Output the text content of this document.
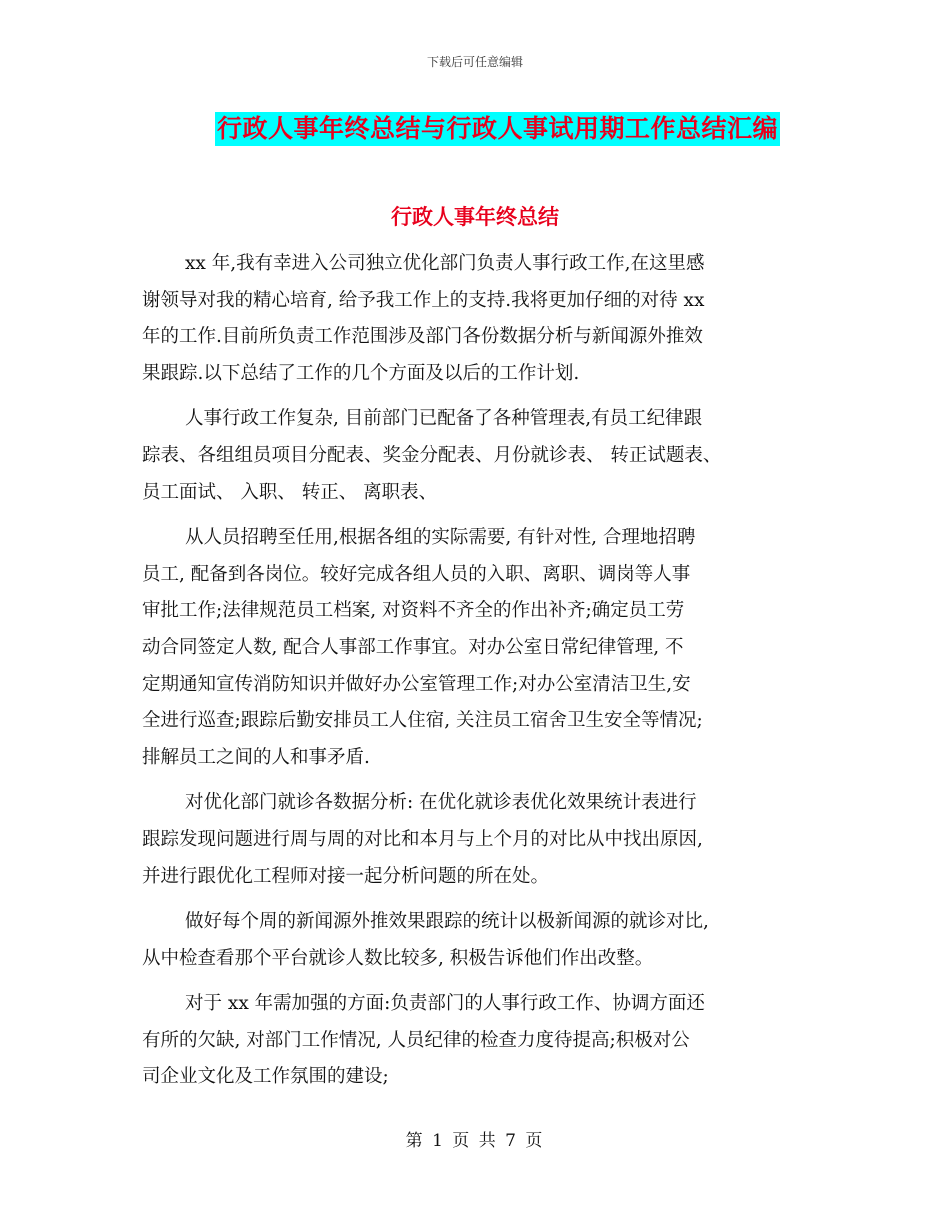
下载后可任意编辑
行政人事年终总结与行政人事试用期工作总结汇编
行政人事年终总结
xx 年,我有幸进入公司独立优化部门负责人事行政工作,在这里感
谢领导对我的精心培育, 给予我工作上的支持.我将更加仔细的对待 xx
年的工作.目前所负责工作范围涉及部门各份数据分析与新闻源外推效
果跟踪.以下总结了工作的几个方面及以后的工作计划.
人事行政工作复杂, 目前部门已配备了各种管理表,有员工纪律跟
踪表、各组组员项目分配表、奖金分配表、月份就诊表、 转正试题表、
员工面试、 入职、 转正、 离职表、
从人员招聘至任用,根据各组的实际需要, 有针对性, 合理地招聘
员工, 配备到各岗位。较好完成各组人员的入职、离职、调岗等人事
审批工作;法律规范员工档案, 对资料不齐全的作出补齐;确定员工劳
动合同签定人数, 配合人事部工作事宜。对办公室日常纪律管理, 不
定期通知宣传消防知识并做好办公室管理工作;对办公室清洁卫生,安
全进行巡查;跟踪后勤安排员工人住宿, 关注员工宿舍卫生安全等情况;
排解员工之间的人和事矛盾.
对优化部门就诊各数据分析: 在优化就诊表优化效果统计表进行
跟踪发现问题进行周与周的对比和本月与上个月的对比从中找出原因,
并进行跟优化工程师对接一起分析问题的所在处。
做好每个周的新闻源外推效果跟踪的统计以极新闻源的就诊对比,
从中检查看那个平台就诊人数比较多, 积极告诉他们作出改整。
对于 xx 年需加强的方面:负责部门的人事行政工作、协调方面还
有所的欠缺, 对部门工作情况, 人员纪律的检查力度待提高;积极对公
司企业文化及工作氛围的建设;
第 1 页 共 7 页
